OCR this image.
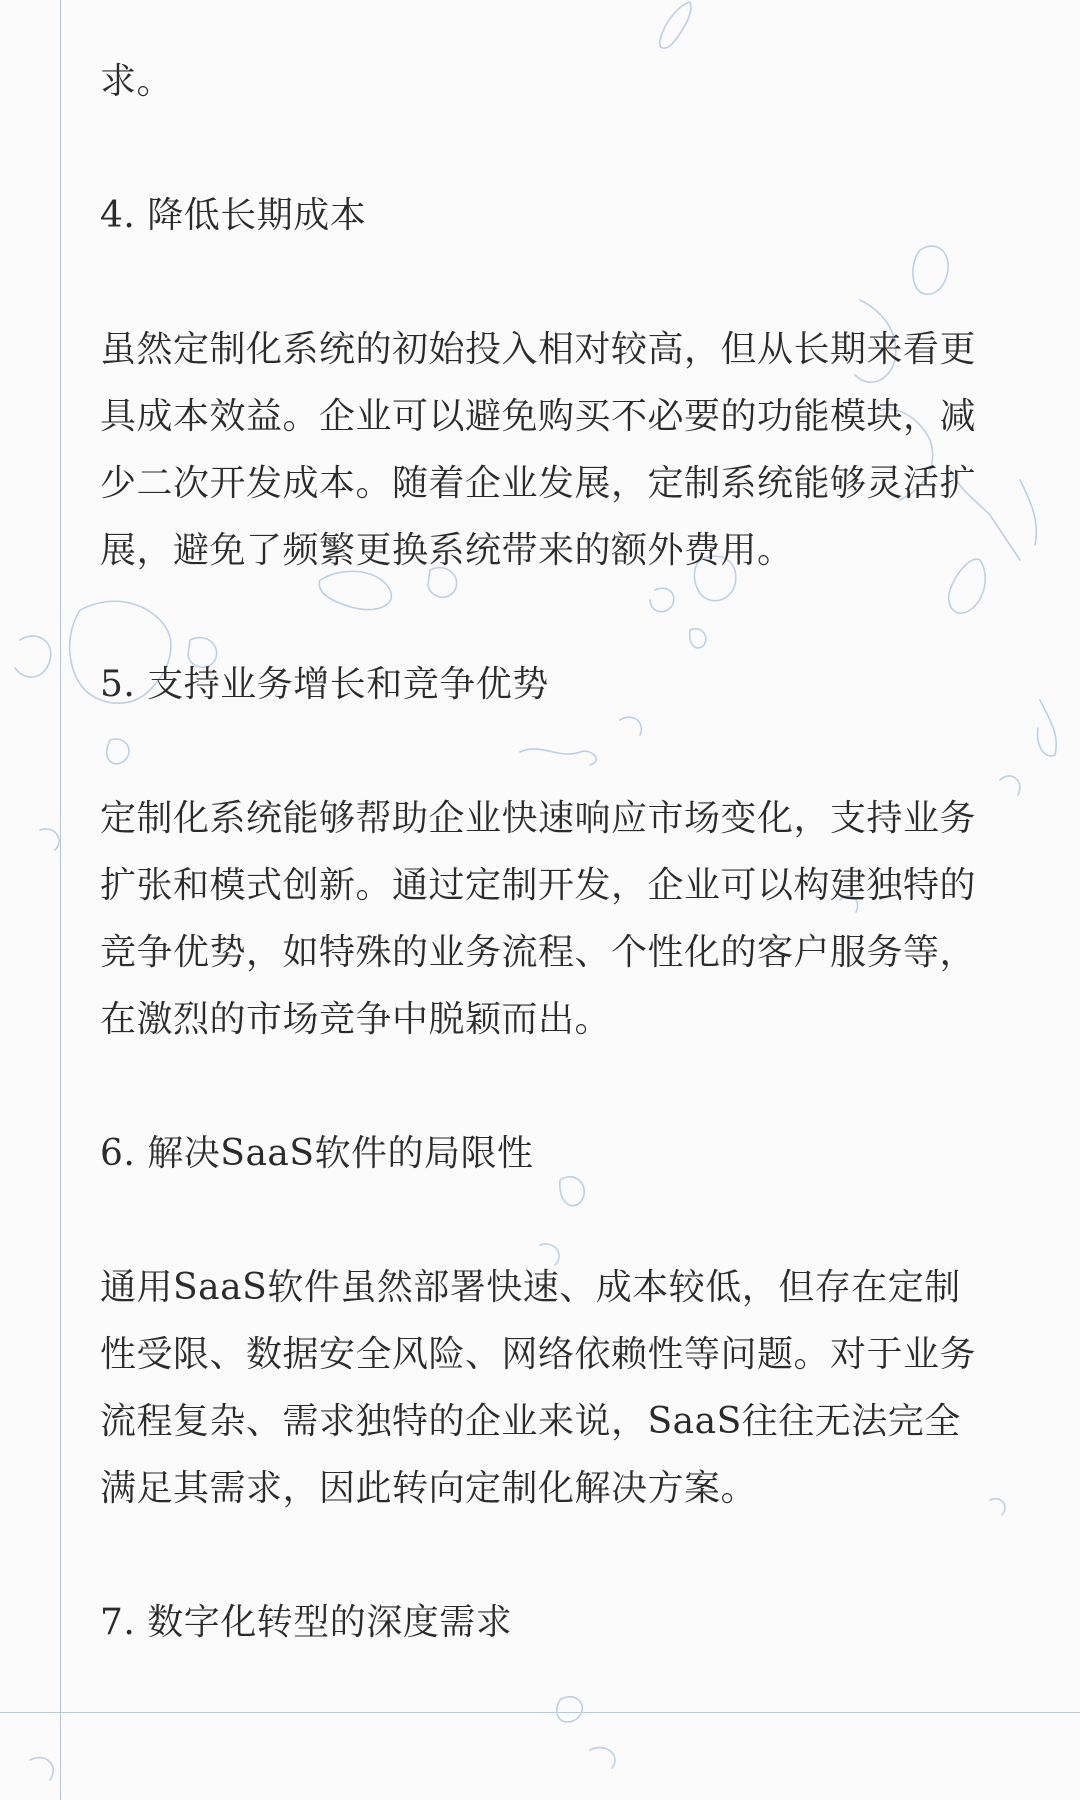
求。
4. 降低长期成本
虽然定制化系统的初始投入相对较高，但从长期来看更
具成本效益。企业可以避免购买不必要的功能模块，减
少二次开发成本。随着企业发展，定制系统能够灵活扩
展，避免了频繁更换系统带来的额外费用。
5. 支持业务增长和竞争优势
定制化系统能够帮助企业快速响应市场变化，支持业务
扩张和模式创新。通过定制开发，企业可以构建独特的
竞争优势，如特殊的业务流程、个性化的客户服务等，
在激烈的市场竞争中脱颖而出。
6. 解决SaaS软件的局限性
通用SaaS软件虽然部署快速、成本较低，但存在定制
性受限、数据安全风险、网络依赖性等问题。对于业务
流程复杂、需求独特的企业来说，SaaS往往无法完全
满足其需求，因此转向定制化解决方案。
7. 数字化转型的深度需求
